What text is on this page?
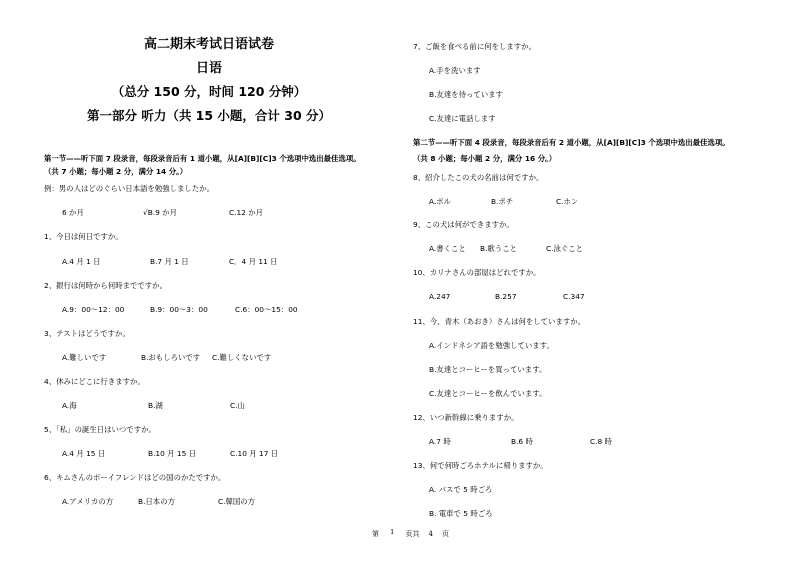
高二期末考试日语试卷
日语
（总分 150 分，时间 120 分钟）
第一部分 听力（共 15 小题，合计 30 分）
第一节——听下面 7 段录音，每段录音后有 1 道小题，从[A][B][C]3 个选项中选出最佳选项。
（共 7 小题；每小题 2 分，满分 14 分。）
例：男の人はどのぐらい日本語を勉強しましたか。
6 か月	√B.9 か月	C.12 か月
1、今日は何日ですか。
A.4 月 1 日	B.7 月 1 日	C．4 月 11 日
2、銀行は何時から何時までですか。
A.9：00～12：00	B.9：00～3：00	C.6：00～15：00
3、テストはどうですか。
A.難しいです	B.おもしろいです C.難しくないです
4、休みにどこに行きますか。
A.海	B.湖	C.山
5、「私」の誕生日はいつですか。
A.4 月 15 日	B.10 月 15 日	C.10 月 17 日
6、キムさんのボーイフレンドはどの国のかたですか。
A.アメリカの方	B.日本の方	C.韓国の方
7、ご飯を食べる前に何をしますか。
A.手を洗います
B.友達を待っています
C.友達に電話します
第二节——听下面 4 段录音，每段录音后有 2 道小题，从[A][B][C]3 个选项中选出最佳选项。
（共 8 小题；每小题 2 分，满分 16 分。）
8、紹介したこの犬の名前は何ですか。
A.ポル	B.ポチ	C.ホン
9、この犬は何ができますか。
A.書くこと B.歌うこと	C.泳ぐこと
10、カリナさんの部屋はどれですか。
A.247	B.257	C.347
11、今、青木（あおき）さんは何をしていますか。
A.インドネシア語を勉強しています。
B.友達とコーヒーを買っています。
C.友達とコーヒーを飲んでいます。
12、いつ新幹線に乗りますか。
A.7 時	B.6 時	C.8 時
13、何で何時ごろホテルに帰りますか。
A. バスで 5 時ごろ
B. 電車で 5 時ごろ
第 1 页共 4 页
